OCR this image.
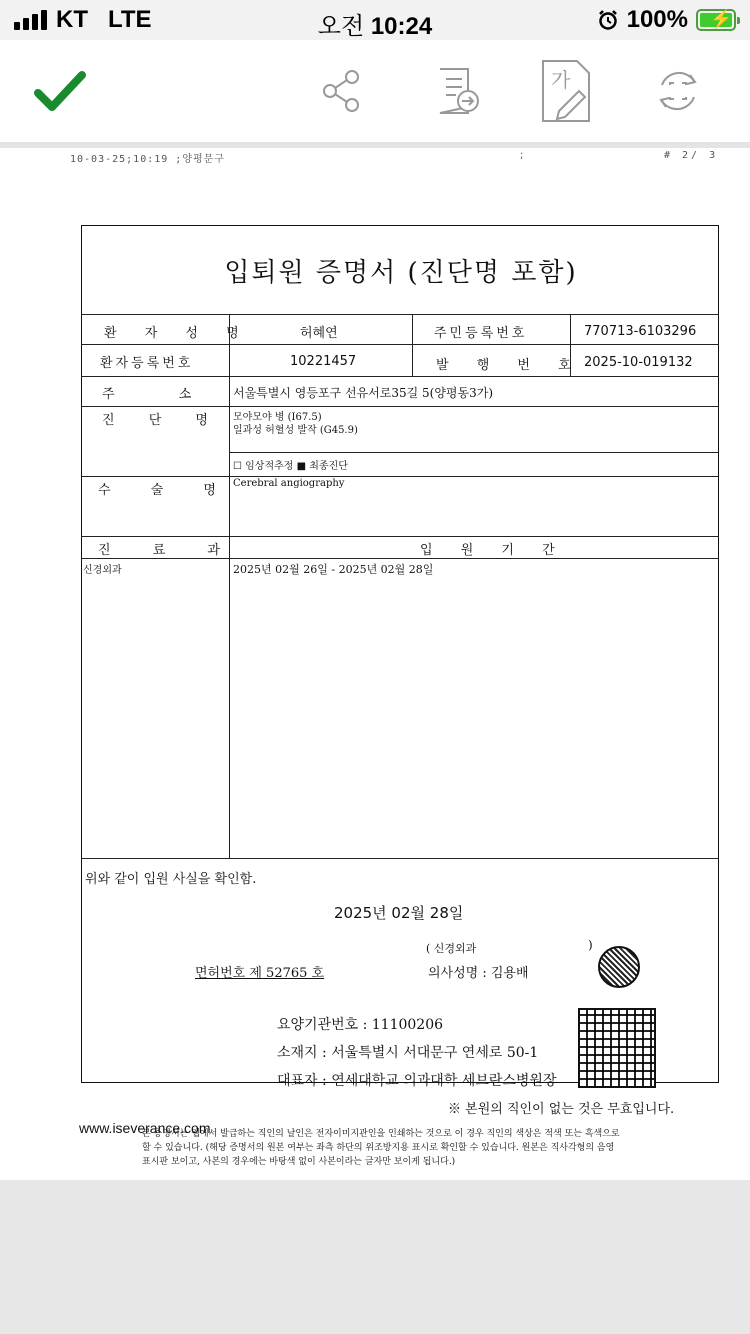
KT LTE	오전 10:24	100% ⚡
가
10-03-25;10:19 ;양평문구	;	# 2/ 3
입퇴원 증명서 (진단명 포함)
환 자 성 명	허혜연	주민등록번호	770713-6103296
환자등록번호	10221457	발 행 번 호 2025-10-019132
주 소	서울특별시 영등포구 선유서로35길 5(양평동3가)
진 단 명	모야모야 병 (I67.5)
일과성 허혈성 발작 (G45.9)
☐ 임상적추정 ■ 최종진단
수 술 명 Cerebral angiography
진 료 과	입 원 기 간
신경외과	2025년 02월 26일 - 2025년 02월 28일
위와 같이 입원 사실을 확인함.
2025년 02월 28일
( 신경외과	)
면허번호 제 52765 호	의사성명 : 김용배
요양기관번호 : 11100206
소재지 : 서울특별시 서대문구 연세로 50-1
대표자 : 연세대학교 의과대학 세브란스병원장
※ 본원의 직인이 없는 것은 무효입니다.
www.iseverance.com
본 증명서는 웹에서 발급하는 직인의 날인은 전자이미지관인을 인쇄하는 것으로 이 경우 직인의 색상은 적색 또는 흑색으로
할 수 있습니다. (해당 증명서의 원본 여부는 좌측 하단의 위조방지용 표시로 확인할 수 있습니다. 원본은 직사각형의 음영
표시판 보이고, 사본의 경우에는 바탕색 없이 사본이라는 글자만 보이게 됩니다.)
